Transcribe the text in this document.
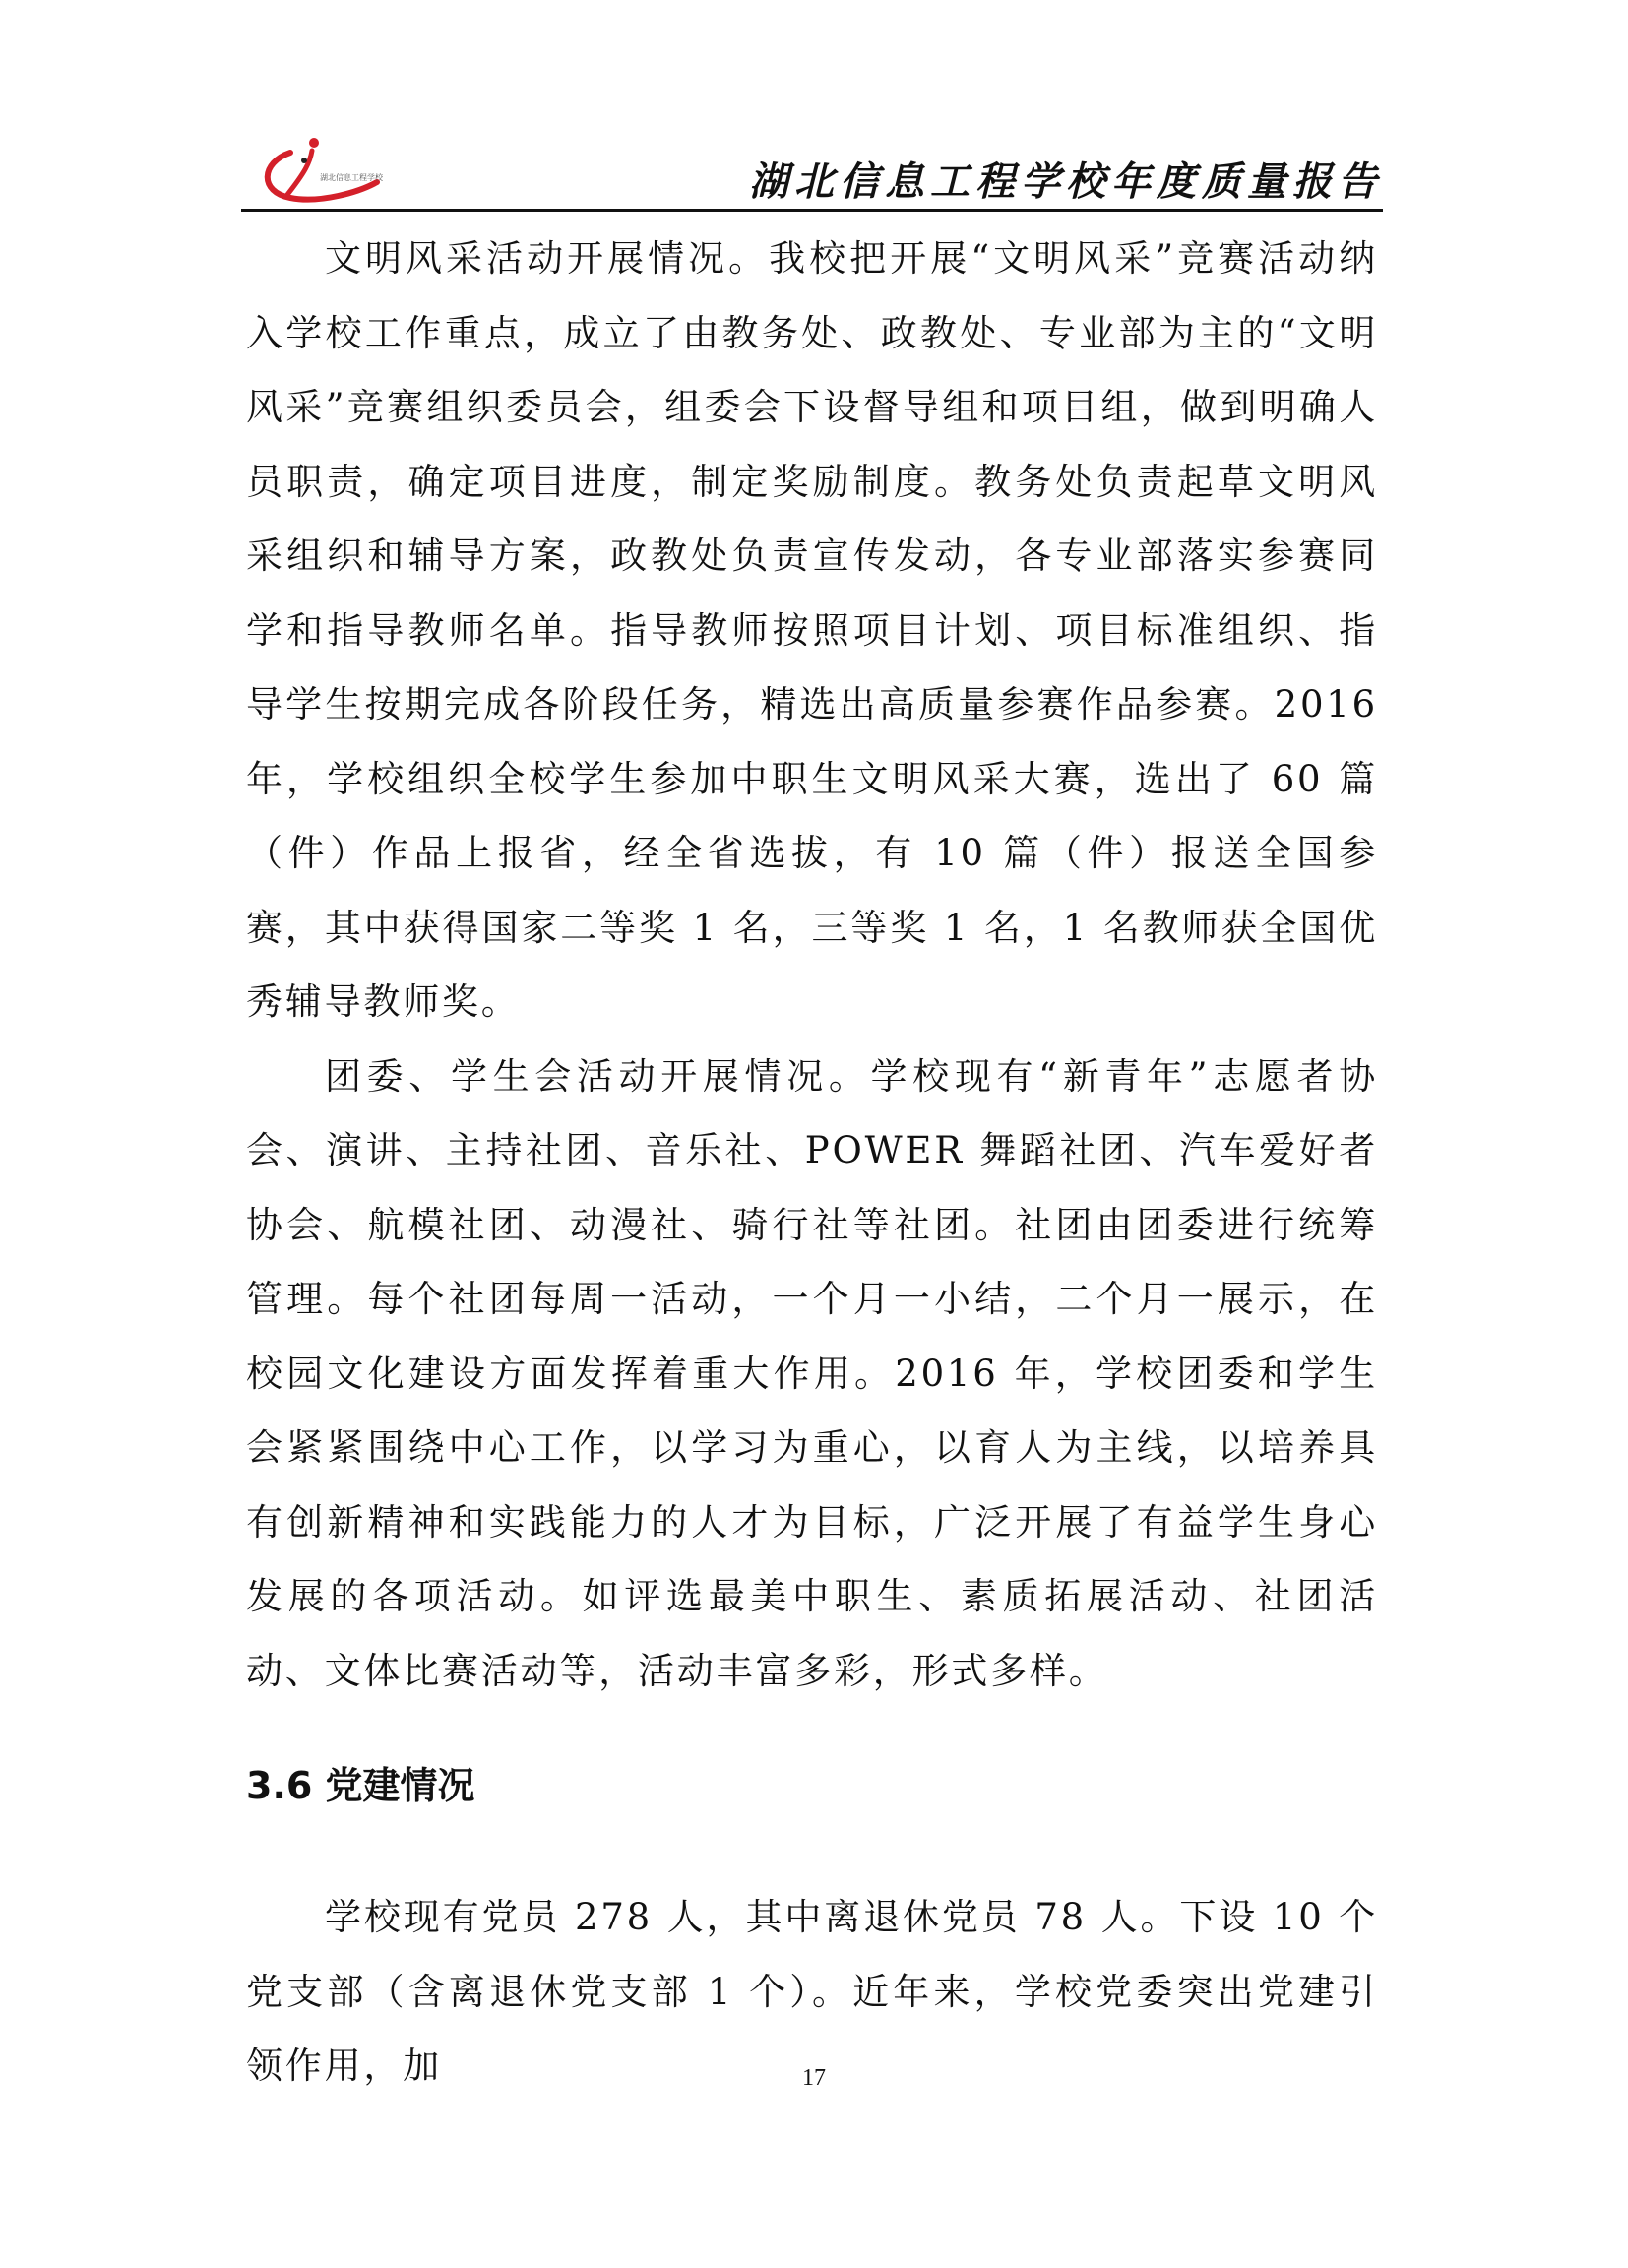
湖北信息工程学校	湖北信息工程学校年度质量报告

文明风采活动开展情况。我校把开展“文明风采”竞赛活动纳入学校工作重点，成立了由教务处、政教处、专业部为主的“文明风采”竞赛组织委员会，组委会下设督导组和项目组，做到明确人员职责，确定项目进度，制定奖励制度。教务处负责起草文明风采组织和辅导方案，政教处负责宣传发动，各专业部落实参赛同学和指导教师名单。指导教师按照项目计划、项目标准组织、指导学生按期完成各阶段任务，精选出高质量参赛作品参赛。2016年，学校组织全校学生参加中职生文明风采大赛，选出了 60 篇（件）作品上报省，经全省选拔，有 10 篇（件）报送全国参赛，其中获得国家二等奖 1 名，三等奖 1 名，1 名教师获全国优秀辅导教师奖。

团委、学生会活动开展情况。学校现有“新青年”志愿者协会、演讲、主持社团、音乐社、POWER 舞蹈社团、汽车爱好者协会、航模社团、动漫社、骑行社等社团。社团由团委进行统筹管理。每个社团每周一活动，一个月一小结，二个月一展示，在校园文化建设方面发挥着重大作用。2016 年，学校团委和学生会紧紧围绕中心工作，以学习为重心，以育人为主线，以培养具有创新精神和实践能力的人才为目标，广泛开展了有益学生身心发展的各项活动。如评选最美中职生、素质拓展活动、社团活动、文体比赛活动等，活动丰富多彩，形式多样。

3.6 党建情况

学校现有党员 278 人，其中离退休党员 78 人。下设 10 个党支部（含离退休党支部 1 个）。近年来，学校党委突出党建引领作用，加	17
